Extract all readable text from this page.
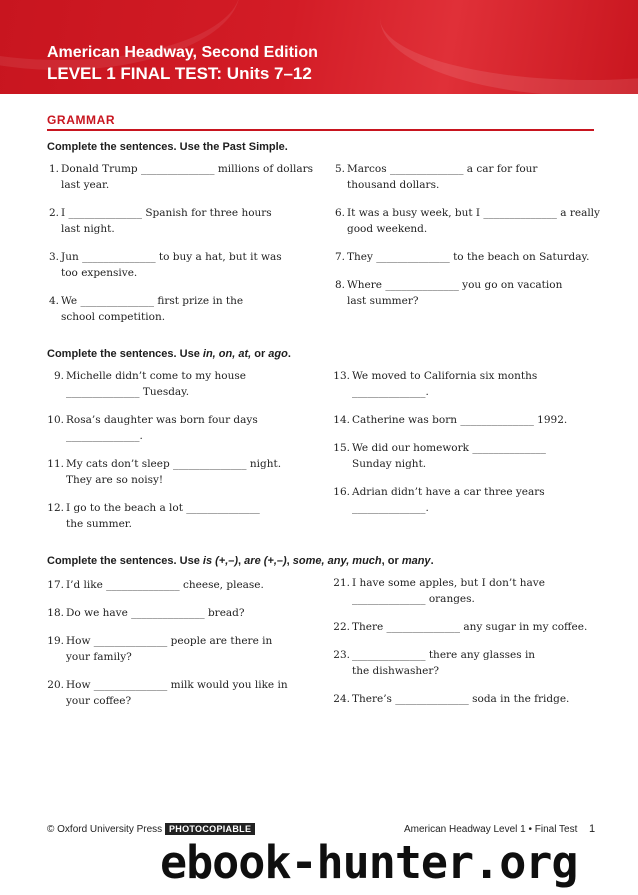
American Headway, Second Edition
LEVEL 1 FINAL TEST: Units 7–12
GRAMMAR
Complete the sentences. Use the Past Simple.
Complete the sentences. Use in, on, at, or ago.
Complete the sentences. Use is (+,–), are (+,–), some, any, much, or many.
1. Donald Trump ______________ millions of dollars
last year.
2. I ______________ Spanish for three hours
last night.
3. Jun ______________ to buy a hat, but it was
too expensive.
4. We ______________ first prize in the
school competition.
5. Marcos ______________ a car for four
thousand dollars.
6. It was a busy week, but I ______________ a really
good weekend.
7. They ______________ to the beach on Saturday.
8. Where ______________ you go on vacation
last summer?
9. Michelle didn’t come to my house
______________ Tuesday.
10. Rosa’s daughter was born four days
______________.
11. My cats don’t sleep ______________ night.
They are so noisy!
12. I go to the beach a lot ______________
the summer.
13. We moved to California six months
______________.
14. Catherine was born ______________ 1992.
15. We did our homework ______________
Sunday night.
16. Adrian didn’t have a car three years
______________.
17. I’d like ______________ cheese, please.
18. Do we have ______________ bread?
19. How ______________ people are there in
your family?
20. How ______________ milk would you like in
your coffee?
21. I have some apples, but I don’t have
______________ oranges.
22. There ______________ any sugar in my coffee.
23. ______________ there any glasses in
the dishwasher?
24. There’s ______________ soda in the fridge.
© Oxford University Press PHOTOCOPIABLE	American Headway Level 1 • Final Test 1
ebook-hunter.org
